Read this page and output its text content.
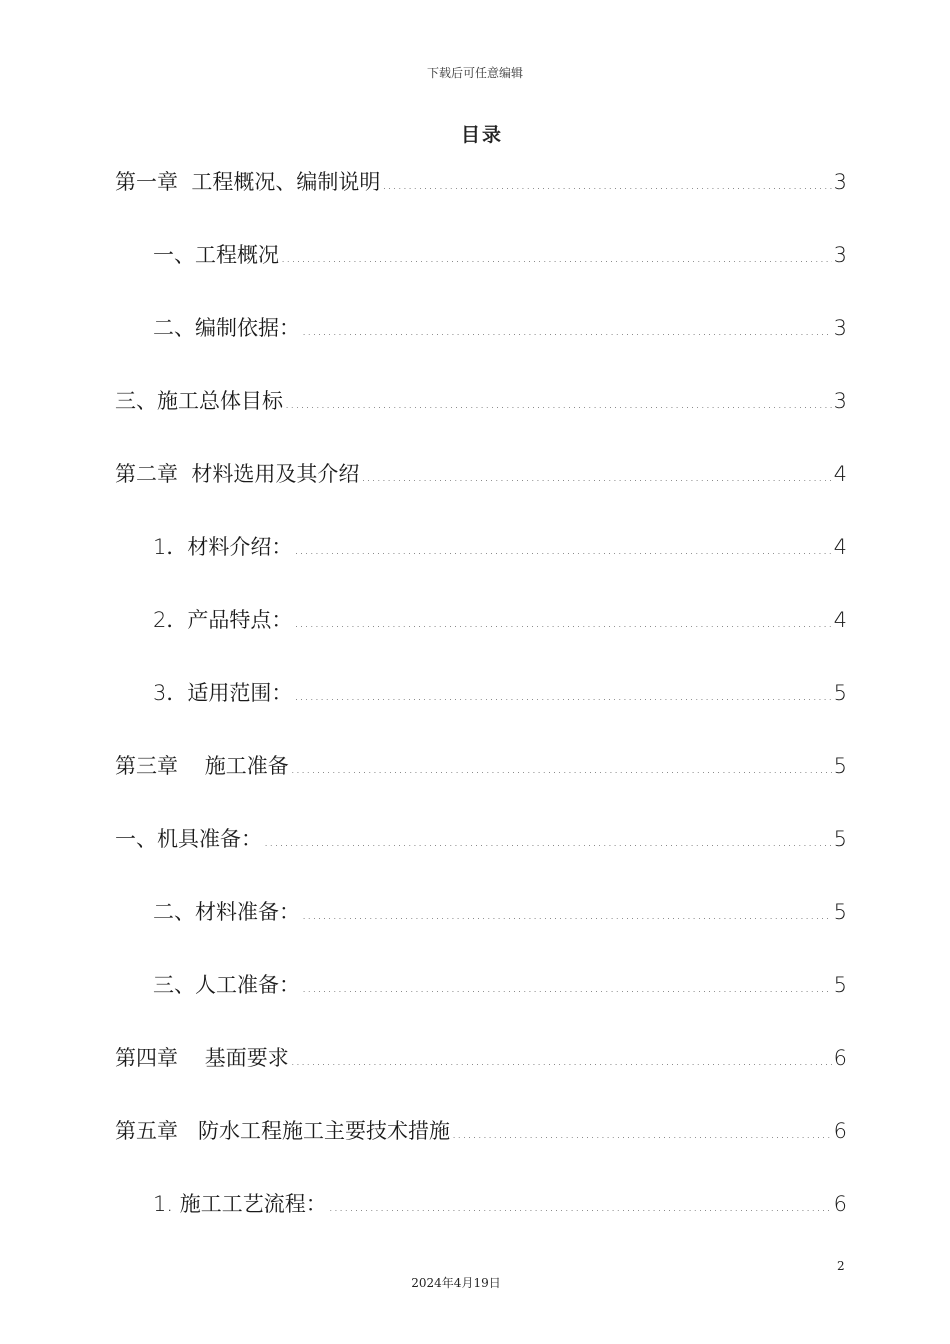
下载后可任意编辑
目录
第一章  工程概况、编制说明 .....	3
一、工程概况 .....	3
二、编制依据： .....	3
三、施工总体目标 .....	3
第二章  材料选用及其介绍 .....	4
1．材料介绍： .....	4
2．产品特点： .....	4
3．适用范围： .....	5
第三章    施工准备 .....	5
一、机具准备： .....	5
二、材料准备： .....	5
三、人工准备： .....	5
第四章    基面要求 .....	6
第五章   防水工程施工主要技术措施 .....	6
1. 施工工艺流程： .....	6
2
2024年4月19日
